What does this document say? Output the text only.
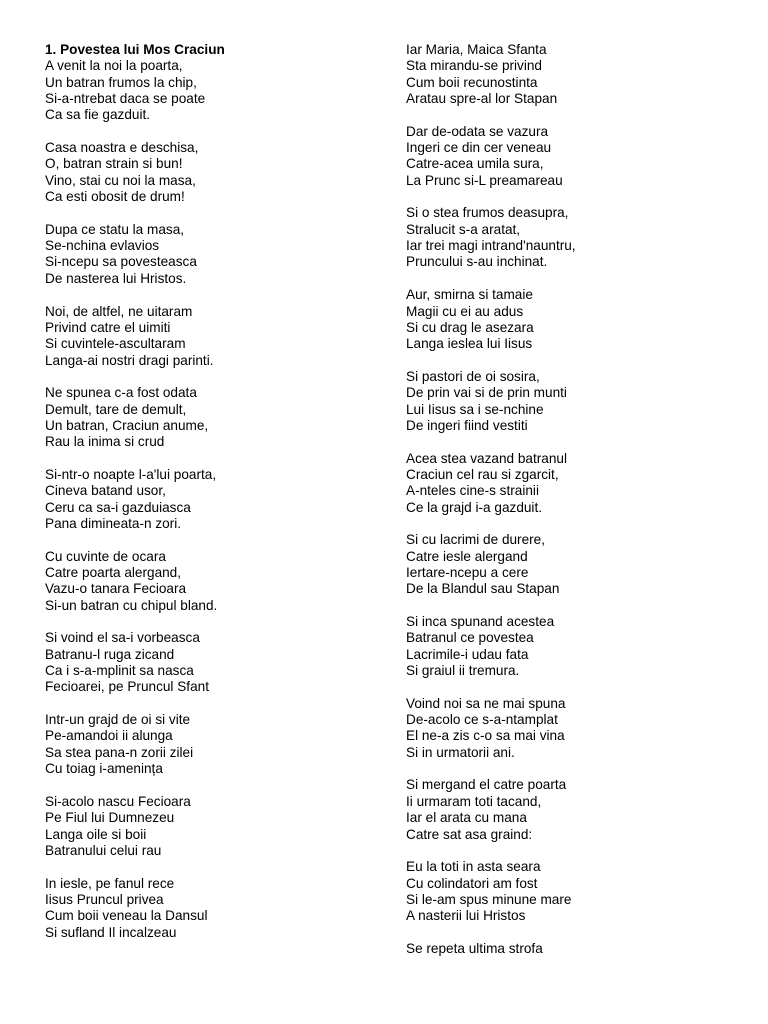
1. Povestea lui Mos Craciun
A venit la noi la poarta,
Un batran frumos la chip,
Si-a-ntrebat daca se poate
Ca sa fie gazduit.
Casa noastra e deschisa,
O, batran strain si bun!
Vino, stai cu noi la masa,
Ca esti obosit de drum!
Dupa ce statu la masa,
Se-nchina evlavios
Si-ncepu sa povesteasca
De nasterea lui Hristos.
Noi, de altfel, ne uitaram
Privind catre el uimiti
Si cuvintele-ascultaram
Langa-ai nostri dragi parinti.
Ne spunea c-a fost odata
Demult, tare de demult,
Un batran, Craciun anume,
Rau la inima si crud
Si-ntr-o noapte l-a'lui poarta,
Cineva batand usor,
Ceru ca sa-i gazduiasca
Pana dimineata-n zori.
Cu cuvinte de ocara
Catre poarta alergand,
Vazu-o tanara Fecioara
Si-un batran cu chipul bland.
Si voind el sa-i vorbeasca
Batranu-l ruga zicand
Ca i s-a-mplinit sa nasca
Fecioarei, pe Pruncul Sfant
Intr-un grajd de oi si vite
Pe-amandoi ii alunga
Sa stea pana-n zorii zilei
Cu toiag i-amenința
Si-acolo nascu Fecioara
Pe Fiul lui Dumnezeu
Langa oile si boii
Batranului celui rau
In iesle, pe fanul rece
Iisus Pruncul privea
Cum boii veneau la Dansul
Si sufland Il incalzeau
Iar Maria, Maica Sfanta
Sta mirandu-se privind
Cum boii recunostinta
Aratau spre-al lor Stapan
Dar de-odata se vazura
Ingeri ce din cer veneau
Catre-acea umila sura,
La Prunc si-L preamareau
Si o stea frumos deasupra,
Stralucit s-a aratat,
Iar trei magi intrand'nauntru,
Pruncului s-au inchinat.
Aur, smirna si tamaie
Magii cu ei au adus
Si cu drag le asezara
Langa ieslea lui Iisus
Si pastori de oi sosira,
De prin vai si de prin munti
Lui Iisus sa i se-nchine
De ingeri fiind vestiti
Acea stea vazand batranul
Craciun cel rau si zgarcit,
A-nteles cine-s strainii
Ce la grajd i-a gazduit.
Si cu lacrimi de durere,
Catre iesle alergand
Iertare-ncepu a cere
De la Blandul sau Stapan
Si inca spunand acestea
Batranul ce povestea
Lacrimile-i udau fata
Si graiul ii tremura.
Voind noi sa ne mai spuna
De-acolo ce s-a-ntamplat
El ne-a zis c-o sa mai vina
Si in urmatorii ani.
Si mergand el catre poarta
Ii urmaram toti tacand,
Iar el arata cu mana
Catre sat asa graind:
Eu la toti in asta seara
Cu colindatori am fost
Si le-am spus minune mare
A nasterii lui Hristos
Se repeta ultima strofa
